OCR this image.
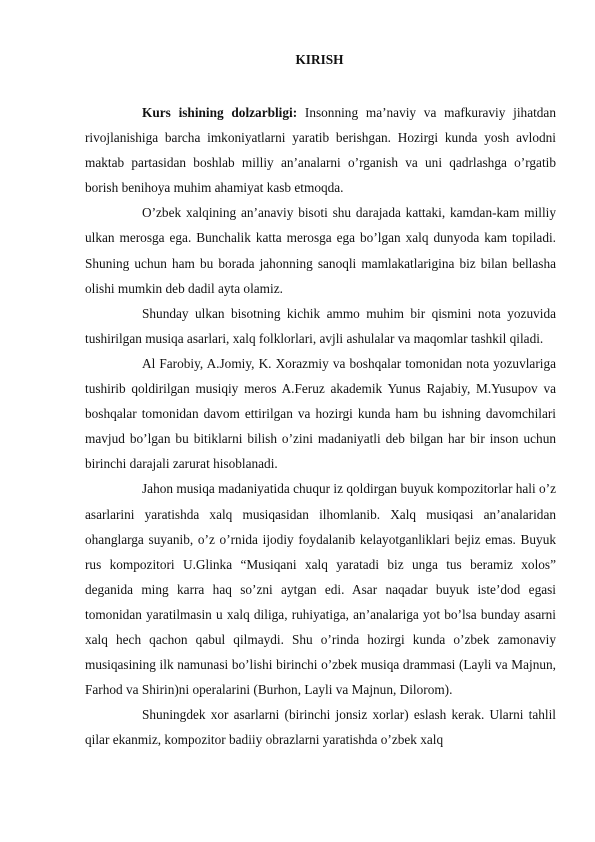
KIRISH

Kurs ishining dolzarbligi: Insonning ma’naviy va mafkuraviy jihatdan rivojlanishiga barcha imkoniyatlarni yaratib berishgan. Hozirgi kunda yosh avlodni maktab partasidan boshlab milliy an’analarni o’rganish va uni qadrlashga o’rgatib borish benihoya muhim ahamiyat kasb etmoqda.

O’zbek xalqining an’anaviy bisoti shu darajada kattaki, kamdan-kam milliy ulkan merosga ega. Bunchalik katta merosga ega bo’lgan xalq dunyoda kam topiladi. Shuning uchun ham bu borada jahonning sanoqli mamlakatlarigina biz bilan bellasha olishi mumkin deb dadil ayta olamiz.

Shunday ulkan bisotning kichik ammo muhim bir qismini nota yozuvida tushirilgan musiqa asarlari, xalq folklorlari, avjli ashulalar va maqomlar tashkil qiladi.

Al Farobiy, A.Jomiy, K. Xorazmiy va boshqalar tomonidan nota yozuvlariga tushirib qoldirilgan musiqiy meros A.Feruz akademik Yunus Rajabiy, M.Yusupov va boshqalar tomonidan davom ettirilgan va hozirgi kunda ham bu ishning davomchilari mavjud bo’lgan bu bitiklarni bilish o’zini madaniyatli deb bilgan har bir inson uchun birinchi darajali zarurat hisoblanadi.

Jahon musiqa madaniyatida chuqur iz qoldirgan buyuk kompozitorlar hali o’z asarlarini yaratishda xalq musiqasidan ilhomlanib. Xalq musiqasi an’analaridan ohanglarga suyanib, o’z o’rnida ijodiy foydalanib kelayotganliklari bejiz emas. Buyuk rus kompozitori U.Glinka “Musiqani xalq yaratadi biz unga tus beramiz xolos” deganida ming karra haq so’zni aytgan edi. Asar naqadar buyuk iste’dod egasi tomonidan yaratilmasin u xalq diliga, ruhiyatiga, an’analariga yot bo’lsa bunday asarni xalq hech qachon qabul qilmaydi. Shu o’rinda hozirgi kunda o’zbek zamonaviy musiqasining ilk namunasi bo’lishi birinchi o’zbek musiqa drammasi (Layli va Majnun, Farhod va Shirin)ni operalarini (Burhon, Layli va Majnun, Dilorom).

Shuningdek xor asarlarni (birinchi jonsiz xorlar) eslash kerak. Ularni tahlil qilar ekanmiz, kompozitor badiiy obrazlarni yaratishda o’zbek xalq
